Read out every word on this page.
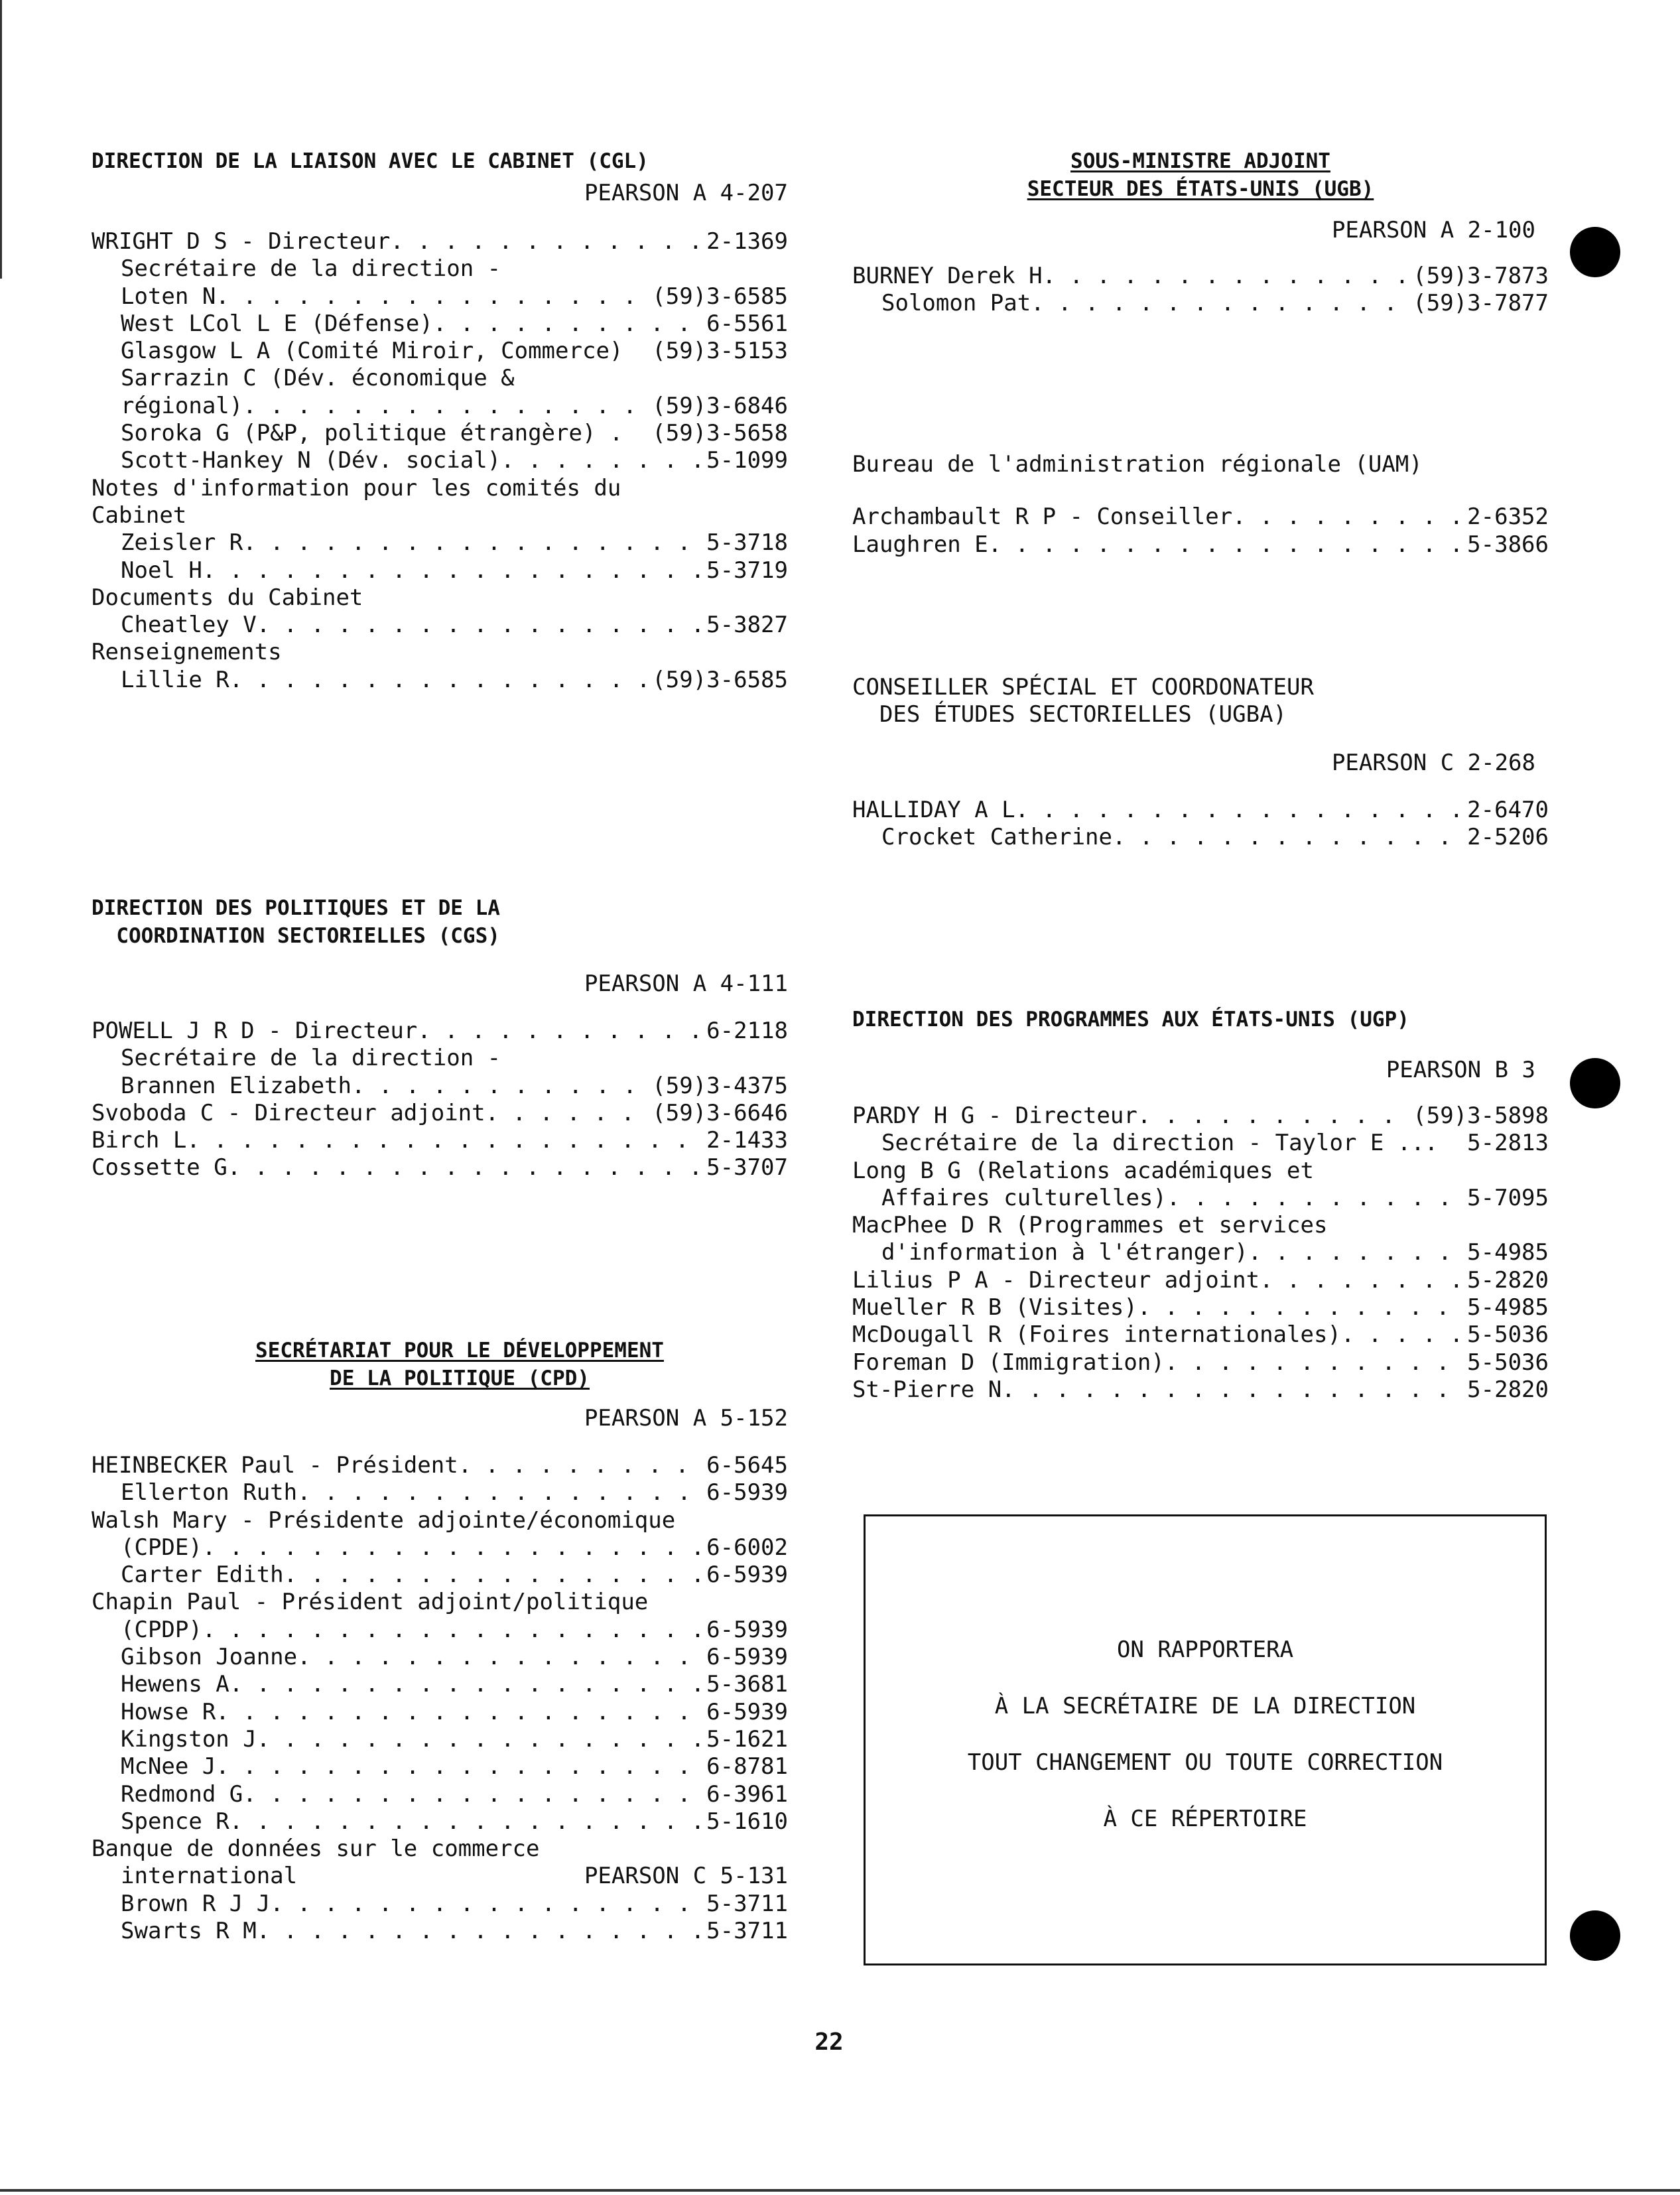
DIRECTION DE LA LIAISON AVEC LE CABINET (CGL)
PEARSON A 4-207
WRIGHT D S - Directeur . . .	2-1369
Secrétaire de la direction -
Loten N . . .	(59)3-6585
West LCol L E (Défense) . . .	6-5561
Glasgow L A (Comité Miroir, Commerce) (59)3-5153
Sarrazin C (Dév. économique &
régional) . . .	(59)3-6846
Soroka G (P&P, politique étrangère) . (59)3-5658
Scott-Hankey N (Dév. social) . . .	5-1099
Notes d'information pour les comités du
Cabinet
Zeisler R . . .	5-3718
Noel H . . .	5-3719
Documents du Cabinet
Cheatley V . . .	5-3827
Renseignements
Lillie R . . .	(59)3-6585
DIRECTION DES POLITIQUES ET DE LA
COORDINATION SECTORIELLES (CGS)
PEARSON A 4-111
POWELL J R D - Directeur . . .	6-2118
Secrétaire de la direction -
Brannen Elizabeth . . .	(59)3-4375
Svoboda C - Directeur adjoint . . .	(59)3-6646
Birch L . . .	2-1433
Cossette G . . .	5-3707
SECRÉTARIAT POUR LE DÉVELOPPEMENT
DE LA POLITIQUE (CPD)
PEARSON A 5-152
HEINBECKER Paul - Président . . .	6-5645
Ellerton Ruth . . .	6-5939
Walsh Mary - Présidente adjointe/économique
(CPDE) . . .	6-6002
Carter Edith . . .	6-5939
Chapin Paul - Président adjoint/politique
(CPDP) . . .	6-5939
Gibson Joanne . . .	6-5939
Hewens A . . .	5-3681
Howse R . . .	6-5939
Kingston J . . .	5-1621
McNee J . . .	6-8781
Redmond G . . .	6-3961
Spence R . . .	5-1610
Banque de données sur le commerce
international	PEARSON C 5-131
Brown R J J . . .	5-3711
Swarts R M . . .	5-3711
SOUS-MINISTRE ADJOINT
SECTEUR DES ÉTATS-UNIS (UGB)
PEARSON A 2-100
BURNEY Derek H . . .	(59)3-7873
Solomon Pat . . .	(59)3-7877
Bureau de l'administration régionale (UAM)
Archambault R P - Conseiller . . .	2-6352
Laughren E . . .	5-3866
CONSEILLER SPÉCIAL ET COORDONATEUR
DES ÉTUDES SECTORIELLES (UGBA)
PEARSON C 2-268
HALLIDAY A L . . .	2-6470
Crocket Catherine . . .	2-5206
DIRECTION DES PROGRAMMES AUX ÉTATS-UNIS (UGP)
PEARSON B 3
PARDY H G - Directeur . . .	(59)3-5898
Secrétaire de la direction - Taylor E ... 5-2813
Long B G (Relations académiques et
Affaires culturelles) . . .	5-7095
MacPhee D R (Programmes et services
d'information à l'étranger) . . .	5-4985
Lilius P A - Directeur adjoint . . .	5-2820
Mueller R B (Visites) . . .	5-4985
McDougall R (Foires internationales) . . .	5-5036
Foreman D (Immigration) . . .	5-5036
St-Pierre N . . .	5-2820
ON RAPPORTERA
À LA SECRÉTAIRE DE LA DIRECTION
TOUT CHANGEMENT OU TOUTE CORRECTION
À CE RÉPERTOIRE
22
